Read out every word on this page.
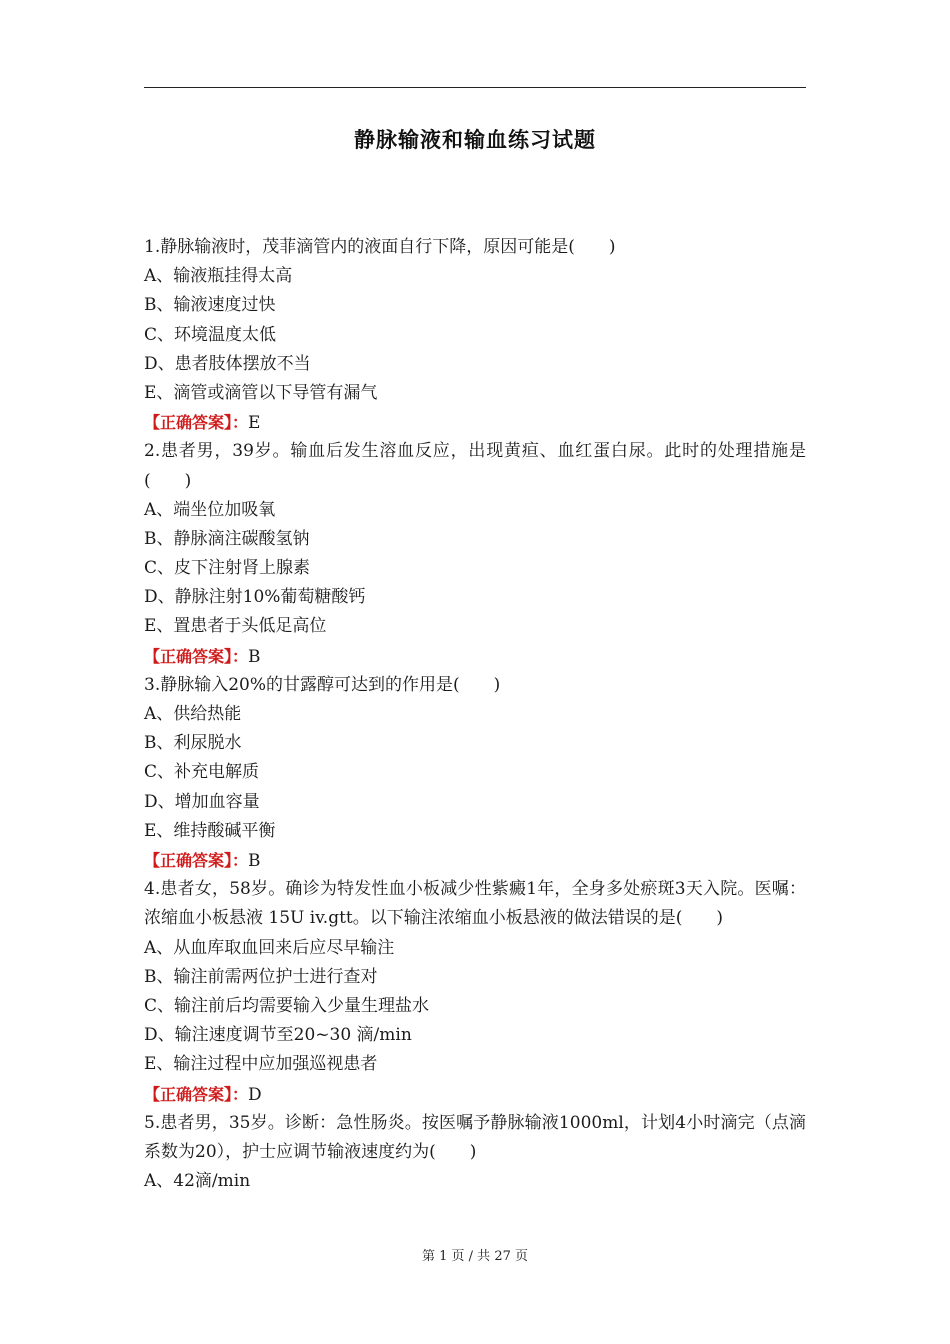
静脉输液和输血练习试题
1.静脉输液时，茂菲滴管内的液面自行下降，原因可能是(　　)
A、输液瓶挂得太高
B、输液速度过快
C、环境温度太低
D、患者肢体摆放不当
E、滴管或滴管以下导管有漏气
【正确答案】：E
2.患者男，39岁。输血后发生溶血反应，出现黄疸、血红蛋白尿。此时的处理措施是(　　)
A、端坐位加吸氧
B、静脉滴注碳酸氢钠
C、皮下注射肾上腺素
D、静脉注射10%葡萄糖酸钙
E、置患者于头低足高位
【正确答案】：B
3.静脉输入20%的甘露醇可达到的作用是(　　)
A、供给热能
B、利尿脱水
C、补充电解质
D、增加血容量
E、维持酸碱平衡
【正确答案】：B
4.患者女，58岁。确诊为特发性血小板减少性紫癜1年，全身多处瘀斑3天入院。医嘱：浓缩血小板悬液 15U iv.gtt。以下输注浓缩血小板悬液的做法错误的是(　　)
A、从血库取血回来后应尽早输注
B、输注前需两位护士进行查对
C、输注前后均需要输入少量生理盐水
D、输注速度调节至20~30 滴/min
E、输注过程中应加强巡视患者
【正确答案】：D
5.患者男，35岁。诊断：急性肠炎。按医嘱予静脉输液1000ml，计划4小时滴完（点滴系数为20），护士应调节输液速度约为(　　)
A、42滴/min
第 1 页 / 共 27 页
